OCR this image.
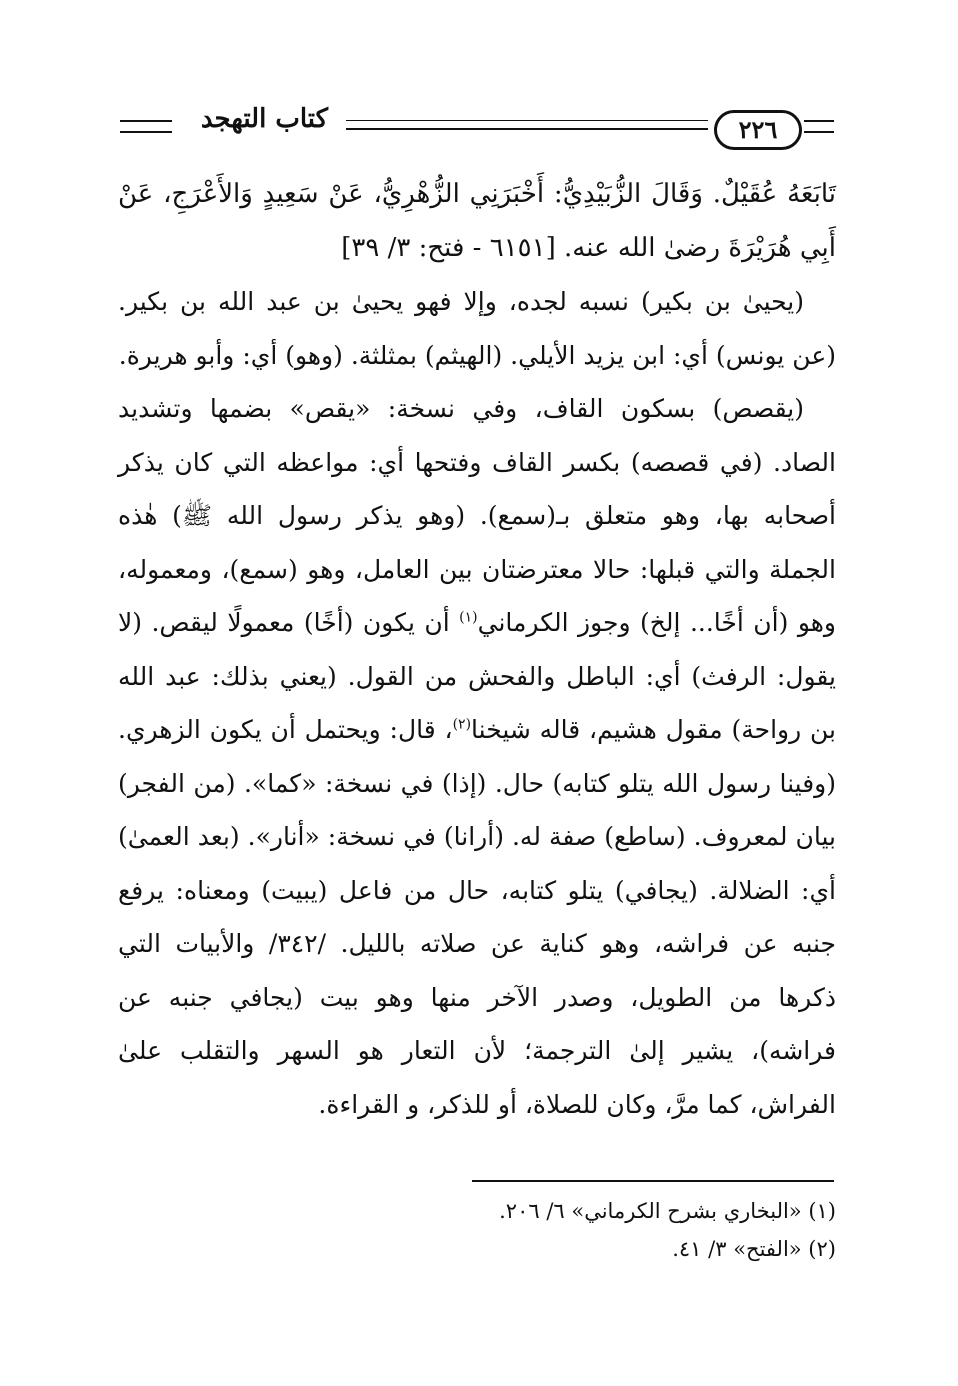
كتاب التهجد	٢٢٦

تَابَعَهُ عُقَيْلٌ. وَقَالَ الزُّبَيْدِيُّ: أَخْبَرَنِي الزُّهْرِيُّ، عَنْ سَعِيدٍ وَالأَعْرَجِ، عَنْ أَبِي هُرَيْرَةَ رضىٰ الله عنه. [٦١٥١ - فتح: ٣/ ٣٩]

(يحيىٰ بن بكير) نسبه لجده، وإلا فهو يحيىٰ بن عبد الله بن بكير. (عن يونس) أي: ابن يزيد الأيلي. (الهيثم) بمثلثة. (وهو) أي: وأبو هريرة.

(يقصص) بسكون القاف، وفي نسخة: «يقص» بضمها وتشديد الصاد. (في قصصه) بكسر القاف وفتحها أي: مواعظه التي كان يذكر أصحابه بها، وهو متعلق بـ(سمع). (وهو يذكر رسول الله ﷺ) هٰذه الجملة والتي قبلها: حالا معترضتان بين العامل، وهو (سمع)، ومعموله، وهو (أن أخًا... إلخ) وجوز الكرماني$^{(١)}$ أن يكون (أخًا) معمولًا ليقص. (لا يقول: الرفث) أي: الباطل والفحش من القول. (يعني بذلك: عبد الله بن رواحة) مقول هشيم، قاله شيخنا$^{(٢)}$، قال: ويحتمل أن يكون الزهري. (وفينا رسول الله يتلو كتابه) حال. (إذا) في نسخة: «كما». (من الفجر) بيان لمعروف. (ساطع) صفة له. (أرانا) في نسخة: «أنار». (بعد العمىٰ) أي: الضلالة. (يجافي) يتلو كتابه، حال من فاعل (يبيت) ومعناه: يرفع جنبه عن فراشه، وهو كناية عن صلاته بالليل. /٣٤٢/ والأبيات التي ذكرها من الطويل، وصدر الآخر منها وهو بيت (يجافي جنبه عن فراشه)، يشير إلىٰ الترجمة؛ لأن التعار هو السهر والتقلب علىٰ الفراش، كما مرَّ، وكان للصلاة، أو للذكر، و القراءة.

(١) «البخاري بشرح الكرماني» ٦/ ٢٠٦.

(٢) «الفتح» ٣/ ٤١.
